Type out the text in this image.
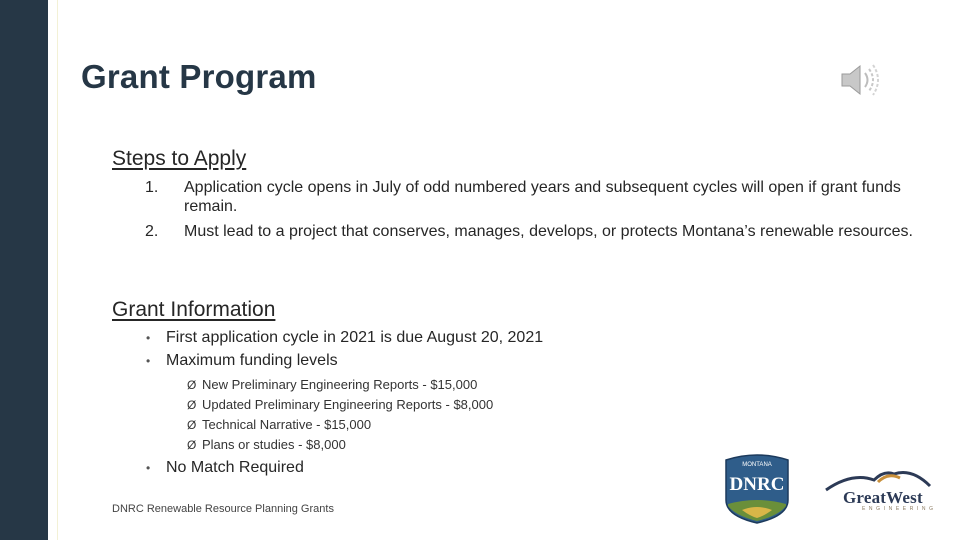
Grant Program
Steps to Apply
1. Application cycle opens in July of odd numbered years and subsequent cycles will open if grant funds remain.
2. Must lead to a project that conserves, manages, develops, or protects Montana’s renewable resources.
Grant Information
• First application cycle in 2021 is due August 20, 2021
• Maximum funding levels
Ø New Preliminary Engineering Reports - $15,000
Ø Updated Preliminary Engineering Reports - $8,000
Ø Technical Narrative - $15,000
Ø Plans or studies - $8,000
• No Match Required
DNRC Renewable Resource Planning Grants
MONTANA
DNRC
GreatWest
ENGINEERING
